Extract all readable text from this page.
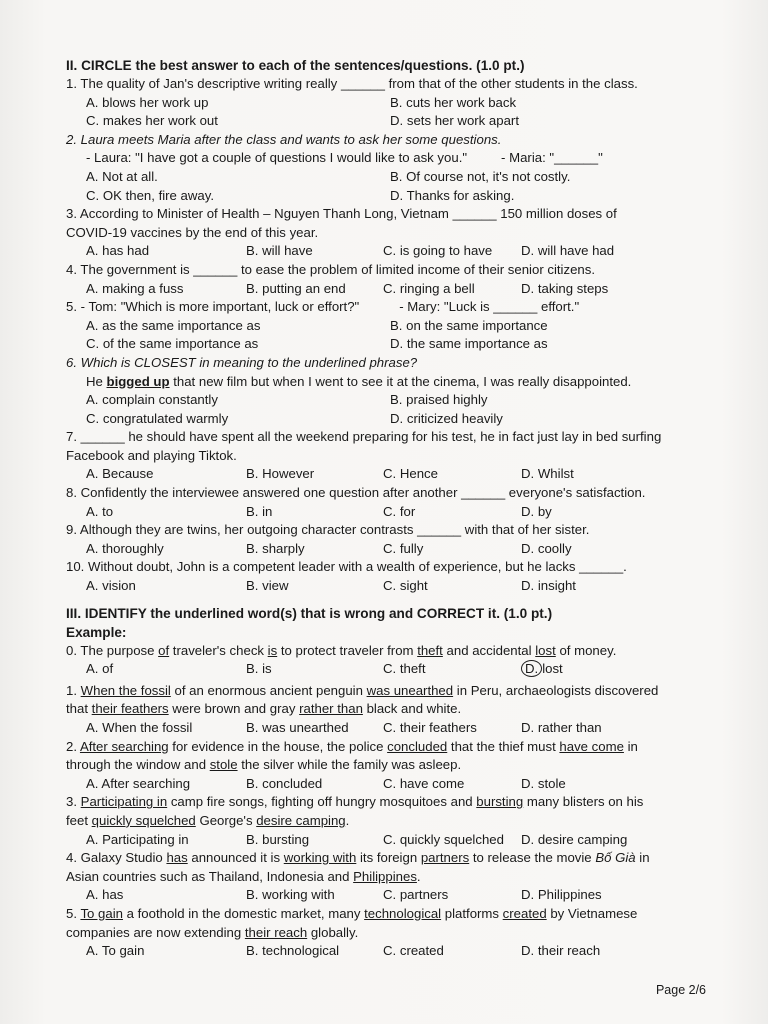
II. CIRCLE the best answer to each of the sentences/questions. (1.0 pt.)
1. The quality of Jan's descriptive writing really ______ from that of the other students in the class.
A. blows her work up	B. cuts her work back
C. makes her work out	D. sets her work apart
2. Laura meets Maria after the class and wants to ask her some questions.
- Laura: "I have got a couple of questions I would like to ask you."	- Maria: "______"
A. Not at all.	B. Of course not, it's not costly.
C. OK then, fire away.	D. Thanks for asking.
3. According to Minister of Health – Nguyen Thanh Long, Vietnam ______ 150 million doses of
COVID-19 vaccines by the end of this year.
A. has had	B. will have	C. is going to have	D. will have had
4. The government is ______ to ease the problem of limited income of their senior citizens.
A. making a fuss	B. putting an end	C. ringing a bell	D. taking steps
5. - Tom: "Which is more important, luck or effort?"	- Mary: "Luck is ______ effort."
A. as the same importance as	B. on the same importance
C. of the same importance as	D. the same importance as
6. Which is CLOSEST in meaning to the underlined phrase?
He bigged up that new film but when I went to see it at the cinema, I was really disappointed.
A. complain constantly	B. praised highly
C. congratulated warmly	D. criticized heavily
7. ______ he should have spent all the weekend preparing for his test, he in fact just lay in bed surfing
Facebook and playing Tiktok.
A. Because	B. However	C. Hence	D. Whilst
8. Confidently the interviewee answered one question after another ______ everyone's satisfaction.
A. to	B. in	C. for	D. by
9. Although they are twins, her outgoing character contrasts ______ with that of her sister.
A. thoroughly	B. sharply	C. fully	D. coolly
10. Without doubt, John is a competent leader with a wealth of experience, but he lacks ______.
A. vision	B. view	C. sight	D. insight
III. IDENTIFY the underlined word(s) that is wrong and CORRECT it. (1.0 pt.)
Example:
0. The purpose of traveler's check is to protect traveler from theft and accidental lost of money.
A. of	B. is	C. theft	D. lost
1. When the fossil of an enormous ancient penguin was unearthed in Peru, archaeologists discovered
that their feathers were brown and gray rather than black and white.
A. When the fossil	B. was unearthed	C. their feathers	D. rather than
2. After searching for evidence in the house, the police concluded that the thief must have come in
through the window and stole the silver while the family was asleep.
A. After searching	B. concluded	C. have come	D. stole
3. Participating in camp fire songs, fighting off hungry mosquitoes and bursting many blisters on his
feet quickly squelched George's desire camping.
A. Participating in	B. bursting	C. quickly squelched	D. desire camping
4. Galaxy Studio has announced it is working with its foreign partners to release the movie Bố Già in
Asian countries such as Thailand, Indonesia and Philippines.
A. has	B. working with	C. partners	D. Philippines
5. To gain a foothold in the domestic market, many technological platforms created by Vietnamese
companies are now extending their reach globally.
A. To gain	B. technological	C. created	D. their reach
Page 2/6
